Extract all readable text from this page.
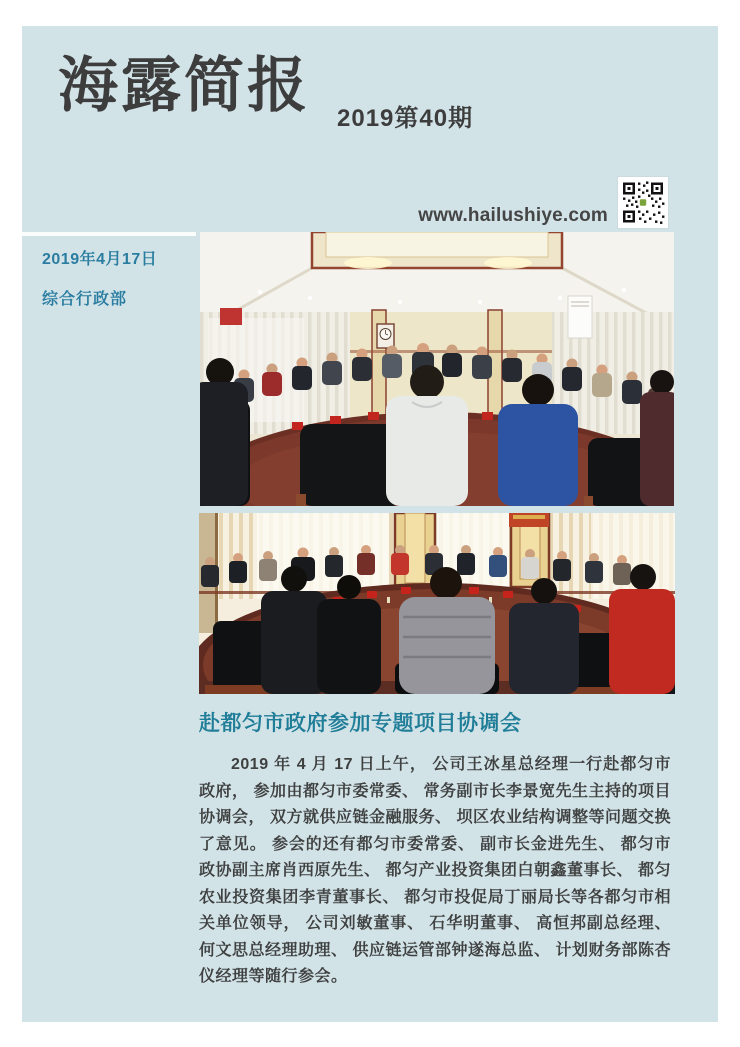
海露简报 2019第40期
www.hailushiye.com
2019年4月17日
综合行政部
赴都匀市政府参加专题项目协调会

2019 年 4 月 17 日上午， 公司王冰星总经理一行赴都匀市政府， 参加由都匀市委常委、 常务副市长李景宽先生主持的项目协调会， 双方就供应链金融服务、 坝区农业结构调整等问题交换了意见。 参会的还有都匀市委常委、 副市长金进先生、 都匀市政协副主席肖西原先生、 都匀产业投资集团白朝鑫董事长、 都匀农业投资集团李青董事长、 都匀市投促局丁丽局长等各都匀市相关单位领导， 公司刘敏董事、 石华明董事、 高恒邦副总经理、 何文思总经理助理、 供应链运管部钟遂海总监、 计划财务部陈杏仪经理等随行参会。
